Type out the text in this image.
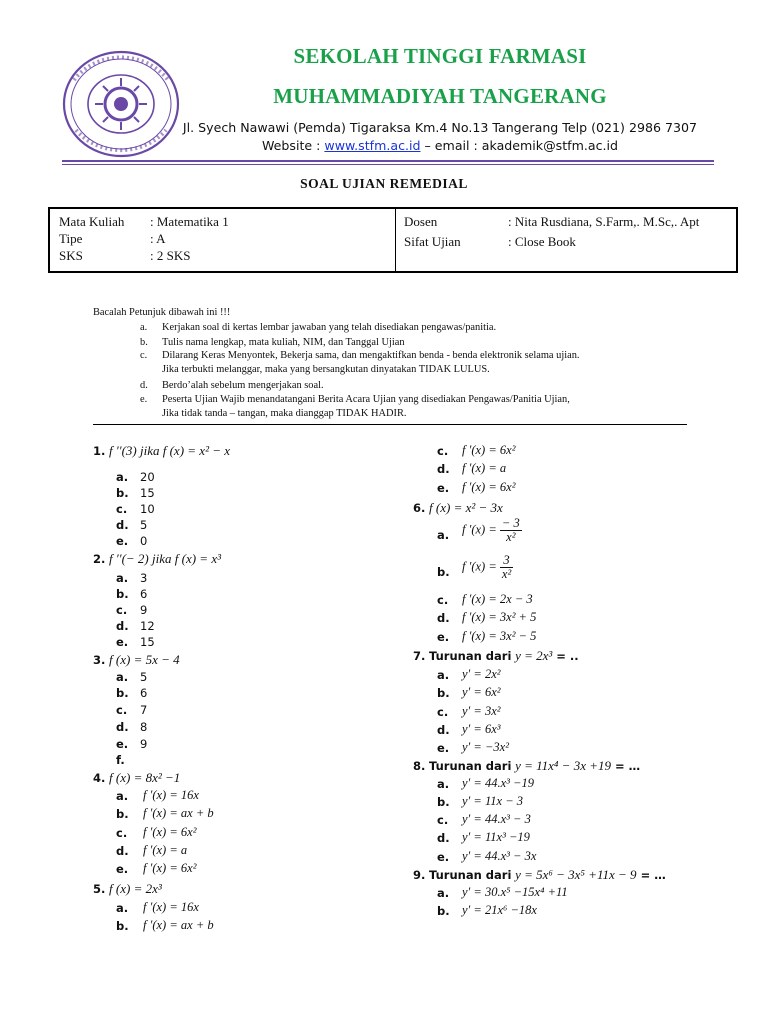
SEKOLAH TINGGI FARMASI
MUHAMMADIYAH TANGERANG
Jl. Syech Nawawi (Pemda) Tigaraksa Km.4 No.13 Tangerang Telp (021) 2986 7307
Website : www.stfm.ac.id – email : akademik@stfm.ac.id
SOAL UJIAN REMEDIAL
Mata Kuliah : Matematika 1
Tipe	: A
SKS	: 2 SKS
Dosen	: Nita Rusdiana, S.Farm,. M.Sc,. Apt
Sifat Ujian	: Close Book
Bacalah Petunjuk dibawah ini !!!
a. Kerjakan soal di kertas lembar jawaban yang telah disediakan pengawas/panitia.
b. Tulis nama lengkap, mata kuliah, NIM, dan Tanggal Ujian
c. Dilarang Keras Menyontek, Bekerja sama, dan mengaktifkan benda - benda elektronik selama ujian.
Jika terbukti melanggar, maka yang bersangkutan dinyatakan TIDAK LULUS.
d. Berdo’alah sebelum mengerjakan soal.
e. Peserta Ujian Wajib menandatangani Berita Acara Ujian yang disediakan Pengawas/Panitia Ujian,
Jika tidak tanda – tangan, maka dianggap TIDAK HADIR.
1. f ′′(3) jika f (x) = x² − x
a. 20
b. 15
c. 10
d. 5
e. 0
2. f ′′(− 2) jika f (x) = x³
a. 3
b. 6
c. 9
d. 12
e. 15
3. f (x) = 5x − 4
a. 5
b. 6
c. 7
d. 8
e. 9
f.
4. f (x) = 8x² −1
a. f ′(x) = 16x
b. f ′(x) = ax + b
c. f ′(x) = 6x²
d. f ′(x) = a
e. f ′(x) = 6x²
5. f (x) = 2x³
a. f ′(x) = 16x
b. f ′(x) = ax + b
c. f ′(x) = 6x²
d. f ′(x) = a
e. f ′(x) = 6x²
6. f (x) = x² − 3x
a. f $'(x) = \frac{- 3}{\text{x²}}$
b. f $'(x) = \frac{3}{\text{x²}}$
c. f ′(x) = 2x − 3
d. f ′(x) = 3x² + 5
e. f ′(x) = 3x² − 5
7. Turunan dari y = 2x³ = ..
a. y′ = 2x²
b. y′ = 6x²
c. y′ = 3x²
d. y′ = 6x³
e. y′ = −3x²
8. Turunan dari y = 11x⁴ − 3x +19 = …
a. y′ = 44.x³ −19
b. y′ = 11x − 3
c. y′ = 44.x³ − 3
d. y′ = 11x³ −19
e. y′ = 44.x³ − 3x
9. Turunan dari y = 5x⁶ − 3x⁵ +11x − 9 = …
a. y′ = 30.x⁵ −15x⁴ +11
b. y′ = 21x⁶ −18x
